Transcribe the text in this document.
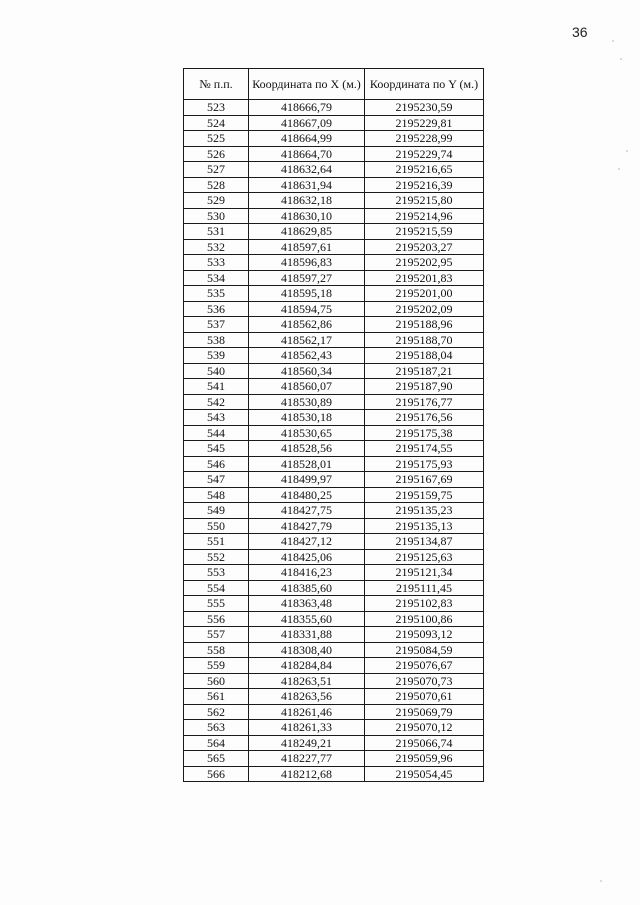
36
№ п.п.	Координата по X (м.)	Координата по Y (м.)
523	418666,79	2195230,59
524	418667,09	2195229,81
525	418664,99	2195228,99
526	418664,70	2195229,74
527	418632,64	2195216,65
528	418631,94	2195216,39
529	418632,18	2195215,80
530	418630,10	2195214,96
531	418629,85	2195215,59
532	418597,61	2195203,27
533	418596,83	2195202,95
534	418597,27	2195201,83
535	418595,18	2195201,00
536	418594,75	2195202,09
537	418562,86	2195188,96
538	418562,17	2195188,70
539	418562,43	2195188,04
540	418560,34	2195187,21
541	418560,07	2195187,90
542	418530,89	2195176,77
543	418530,18	2195176,56
544	418530,65	2195175,38
545	418528,56	2195174,55
546	418528,01	2195175,93
547	418499,97	2195167,69
548	418480,25	2195159,75
549	418427,75	2195135,23
550	418427,79	2195135,13
551	418427,12	2195134,87
552	418425,06	2195125,63
553	418416,23	2195121,34
554	418385,60	2195111,45
555	418363,48	2195102,83
556	418355,60	2195100,86
557	418331,88	2195093,12
558	418308,40	2195084,59
559	418284,84	2195076,67
560	418263,51	2195070,73
561	418263,56	2195070,61
562	418261,46	2195069,79
563	418261,33	2195070,12
564	418249,21	2195066,74
565	418227,77	2195059,96
566	418212,68	2195054,45
